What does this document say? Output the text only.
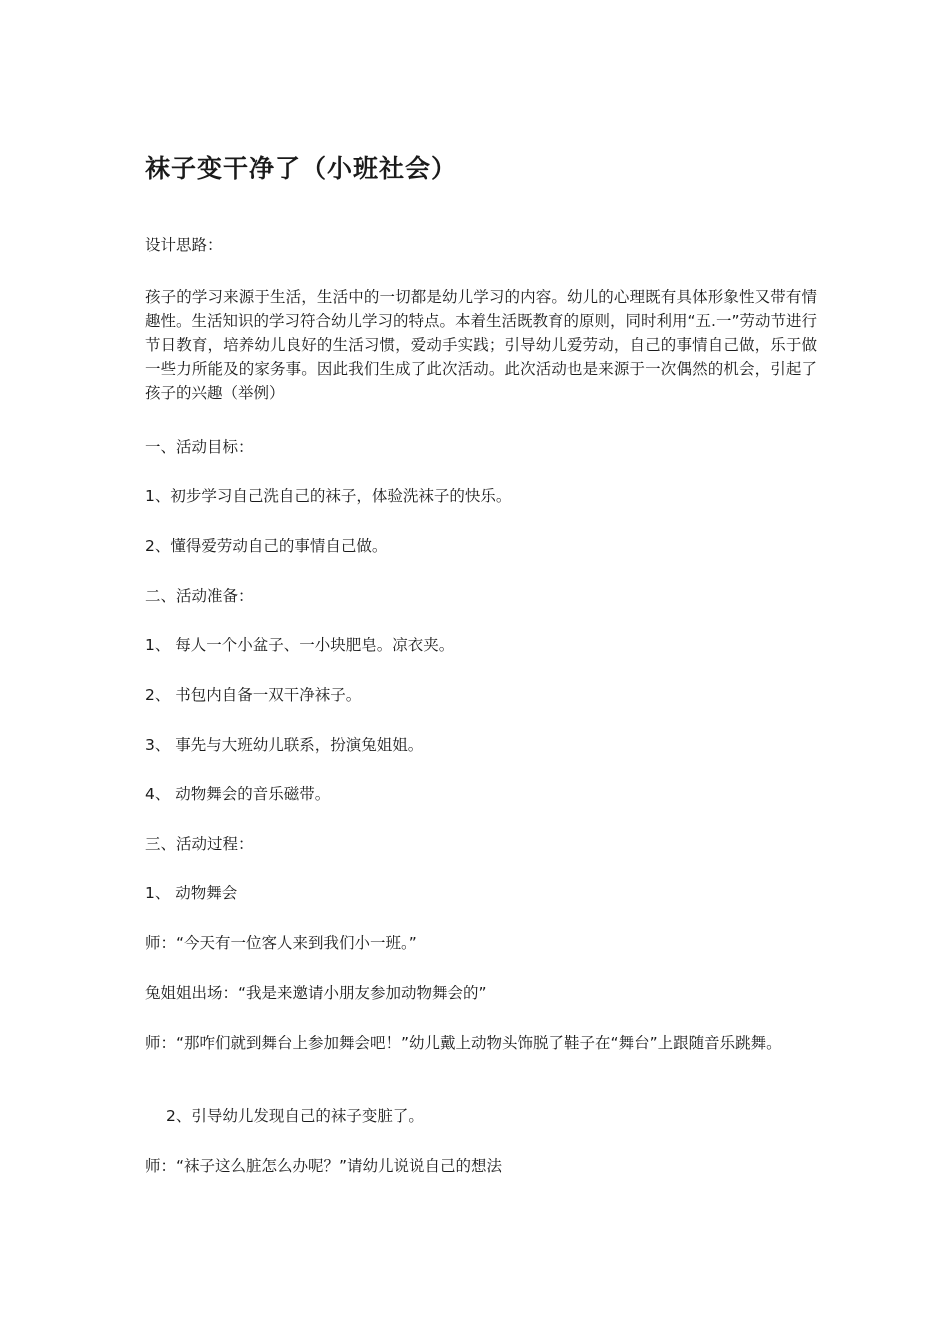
袜子变干净了（小班社会）

设计思路：

孩子的学习来源于生活，生活中的一切都是幼儿学习的内容。幼儿的心理既有具体形象性又带有情趣性。生活知识的学习符合幼儿学习的特点。本着生活既教育的原则，同时利用“五.一”劳动节进行节日教育，培养幼儿良好的生活习惯，爱动手实践；引导幼儿爱劳动，自己的事情自己做，乐于做一些力所能及的家务事。因此我们生成了此次活动。此次活动也是来源于一次偶然的机会，引起了孩子的兴趣（举例）

一、活动目标：

1、初步学习自己洗自己的袜子，体验洗袜子的快乐。

2、懂得爱劳动自己的事情自己做。

二、活动准备：

1、 每人一个小盆子、一小块肥皂。凉衣夹。

2、 书包内自备一双干净袜子。

3、 事先与大班幼儿联系，扮演兔姐姐。

4、 动物舞会的音乐磁带。

三、活动过程：

1、 动物舞会

师：“今天有一位客人来到我们小一班。”

兔姐姐出场：“我是来邀请小朋友参加动物舞会的”

师：“那咋们就到舞台上参加舞会吧！”幼儿戴上动物头饰脱了鞋子在“舞台”上跟随音乐跳舞。

2、引导幼儿发现自己的袜子变脏了。

师：“袜子这么脏怎么办呢？”请幼儿说说自己的想法
